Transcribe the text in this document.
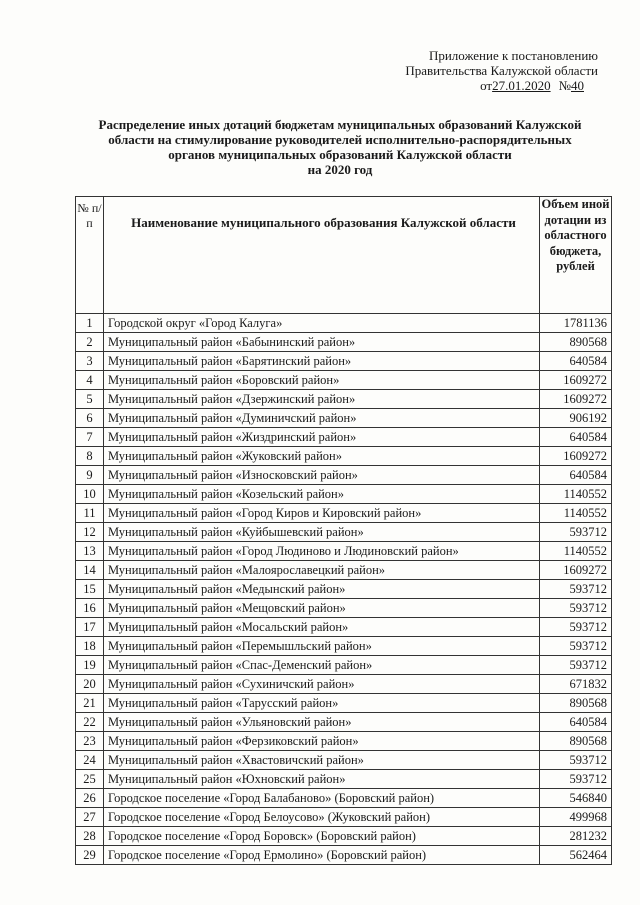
Приложение к постановлению
Правительства Калужской области
от27.01.2020 №40
Распределение иных дотаций бюджетам муниципальных образований Калужской
области на стимулирование руководителей исполнительно-распорядительных
органов муниципальных образований Калужской области
на 2020 год
№ п/п	Наименование муниципального образования Калужской области	Объем иной дотации из областного бюджета, рублей
1	Городской округ «Город Калуга»	1781136
2	Муниципальный район «Бабынинский район»	890568
3	Муниципальный район «Барятинский район»	640584
4	Муниципальный район «Боровский район»	1609272
5	Муниципальный район «Дзержинский район»	1609272
6	Муниципальный район «Думиничский район»	906192
7	Муниципальный район «Жиздринский район»	640584
8	Муниципальный район «Жуковский район»	1609272
9	Муниципальный район «Износковский район»	640584
10	Муниципальный район «Козельский район»	1140552
11	Муниципальный район «Город Киров и Кировский район»	1140552
12	Муниципальный район «Куйбышевский район»	593712
13	Муниципальный район «Город Людиново и Людиновский район»	1140552
14	Муниципальный район «Малоярославецкий район»	1609272
15	Муниципальный район «Медынский район»	593712
16	Муниципальный район «Мещовский район»	593712
17	Муниципальный район «Мосальский район»	593712
18	Муниципальный район «Перемышльский район»	593712
19	Муниципальный район «Спас-Деменский район»	593712
20	Муниципальный район «Сухиничский район»	671832
21	Муниципальный район «Тарусский район»	890568
22	Муниципальный район «Ульяновский район»	640584
23	Муниципальный район «Ферзиковский район»	890568
24	Муниципальный район «Хвастовичский район»	593712
25	Муниципальный район «Юхновский район»	593712
26	Городское поселение «Город Балабаново» (Боровский район)	546840
27	Городское поселение «Город Белоусово» (Жуковский район)	499968
28	Городское поселение «Город Боровск» (Боровский район)	281232
29	Городское поселение «Город Ермолино» (Боровский район)	562464
